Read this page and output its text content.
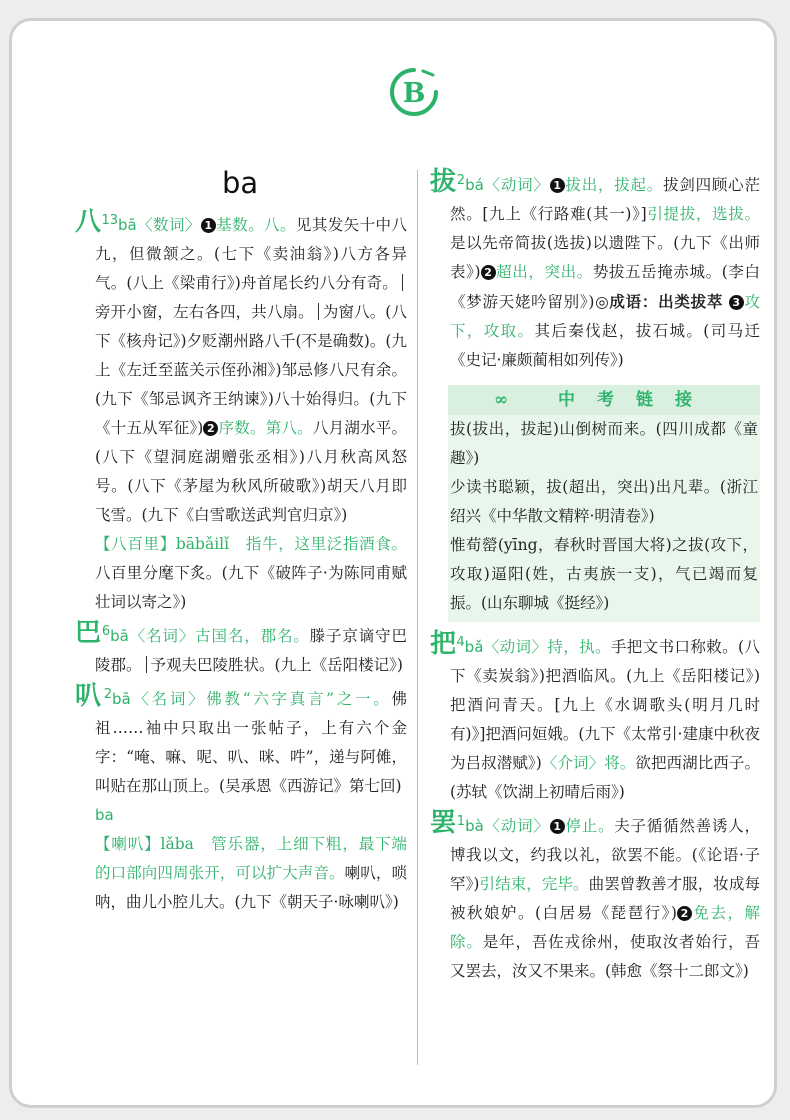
B
ba

八$^{13}$bā〈数词〉 1 基数。八。见其发矢十中八九，但微颔之。(七下《卖油翁》)八方各异气。(八上《梁甫行》)舟首尾长约八分有奇。旁开小窗，左右各四，共八扇。 为窗八。(八下《核舟记》)夕贬潮州路八千(不是确数)。(九上《左迁至蓝关示侄孙湘》)邹忌修八尺有余。(九下《邹忌讽齐王纳谏》)八十始得归。(九下《十五从军征》) 2 序数。第八。八月湖水平。(八下《望洞庭湖赠张丞相》)八月秋高风怒号。(八下《茅屋为秋风所破歌》)胡天八月即飞雪。(九下《白雪歌送武判官归京》)

【八百里】bābǎilǐ　指牛，这里泛指酒食。八百里分麾下炙。(九下《破阵子·为陈同甫赋壮词以寄之》)

巴$^6$bā〈名词〉古国名，郡名。滕子京谪守巴陵郡。 予观夫巴陵胜状。(九上《岳阳楼记》)

叭$^2$bā〈名词〉佛教“六字真言”之一。佛祖……袖中只取出一张帖子，上有六个金字：“唵、嘛、呢、叭、咪、吽”，递与阿傩，叫贴在那山顶上。(吴承恩《西游记》第七回)

ba

【喇叭】lǎba　管乐器，上细下粗，最下端的口部向四周张开，可以扩大声音。喇叭，唢呐，曲儿小腔儿大。(九下《朝天子·咏喇叭》)

拔$^2$bá〈动词〉 1 拔出，拔起。拔剑四顾心茫然。[九上《行路难(其一)》]引提拔，选拔。是以先帝简拔(选拔)以遗陛下。(九下《出师表》) 2 超出，突出。势拔五岳掩赤城。(李白《梦游天姥吟留别》)◎成语：出类拔萃 3 攻下，攻取。其后秦伐赵，拔石城。(司马迁《史记·廉颇蔺相如列传》)

∞ 中考链接

拔(拔出，拔起)山倒树而来。(四川成都《童趣》)

少读书聪颖，拔(超出，突出)出凡辈。(浙江绍兴《中华散文精粹·明清卷》)

惟荀罃(yīng，春秋时晋国大将)之拔(攻下，攻取)逼阳(姓，古夷族一支)，气已竭而复振。(山东聊城《挺经》)

把$^4$bǎ〈动词〉持，执。手把文书口称敕。(八下《卖炭翁》)把酒临风。(九上《岳阳楼记》)把酒问青天。[九上《水调歌头(明月几时有)》]把酒问姮娥。(九下《太常引·建康中秋夜为吕叔潜赋》)〈介词〉将。欲把西湖比西子。(苏轼《饮湖上初晴后雨》)

罢$^1$bà〈动词〉 1 停止。夫子循循然善诱人，博我以文，约我以礼，欲罢不能。(《论语·子罕》)引结束，完毕。曲罢曾教善才服，妆成每被秋娘妒。(白居易《琵琶行》) 2 免去，解除。是年，吾佐戎徐州，使取汝者始行，吾又罢去，汝又不果来。(韩愈《祭十二郎文》)
